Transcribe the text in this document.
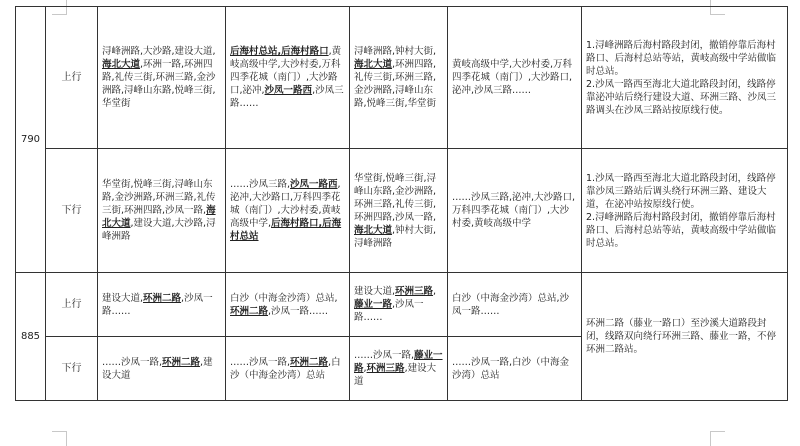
790	上行	浔峰洲路,大沙路,建设大道,海北大道,环洲一路,环洲四路,礼传三街,环洲三路,金沙洲路,浔峰山东路,悦峰三街,华堂街	后海村总站,后海村路口,黄岐高级中学,大沙村委,万科四季花城（南门）,大沙路口,泌冲,沙凤一路西,沙凤三路……	浔峰洲路,钟村大街,海北大道,环洲四路,礼传三街,环洲三路,金沙洲路,浔峰山东路,悦峰三街,华堂街	黄岐高级中学,大沙村委,万科四季花城（南门）,大沙路口,泌冲,沙凤三路……	1.浔峰洲路后海村路段封闭，撤销停靠后海村路口、后海村总站等站，黄岐高级中学站做临时总站。
2.沙凤一路西至海北大道北路段封闭，线路停靠泌冲站后绕行建设大道、环洲三路、沙凤三路调头在沙凤三路站按原线行使。
	下行	华堂街,悦峰三街,浔峰山东路,金沙洲路,环洲三路,礼传三街,环洲四路,沙凤一路,海北大道,建设大道,大沙路,浔峰洲路	……沙凤三路,沙凤一路西,泌冲,大沙路口,万科四季花城（南门）,大沙村委,黄岐高级中学,后海村路口,后海村总站	华堂街,悦峰三街,浔峰山东路,金沙洲路,环洲三路,礼传三街,环洲四路,沙凤一路,海北大道,钟村大街,浔峰洲路	……沙凤三路,泌冲,大沙路口,万科四季花城（南门）,大沙村委,黄岐高级中学	1.沙凤一路西至海北大道北路段封闭，线路停靠沙凤三路站后调头绕行环洲三路、建设大道，在泌冲站按原线行使。
2.浔峰洲路后海村路段封闭，撤销停靠后海村路口、后海村总站等站，黄岐高级中学站做临时总站。
885	上行	建设大道,环洲二路,沙凤一路……	白沙（中海金沙湾）总站,环洲二路,沙凤一路……	建设大道,环洲三路,藤业一路,沙凤一路……	白沙（中海金沙湾）总站,沙凤一路……	环洲二路（藤业一路口）至沙溪大道路段封闭，线路双向绕行环洲三路、藤业一路，不停环洲二路站。
	下行	……沙凤一路,环洲二路,建设大道	……沙凤一路,环洲二路,白沙（中海金沙湾）总站	……沙凤一路,藤业一路,环洲三路,建设大道	……沙凤一路,白沙（中海金沙湾）总站	
